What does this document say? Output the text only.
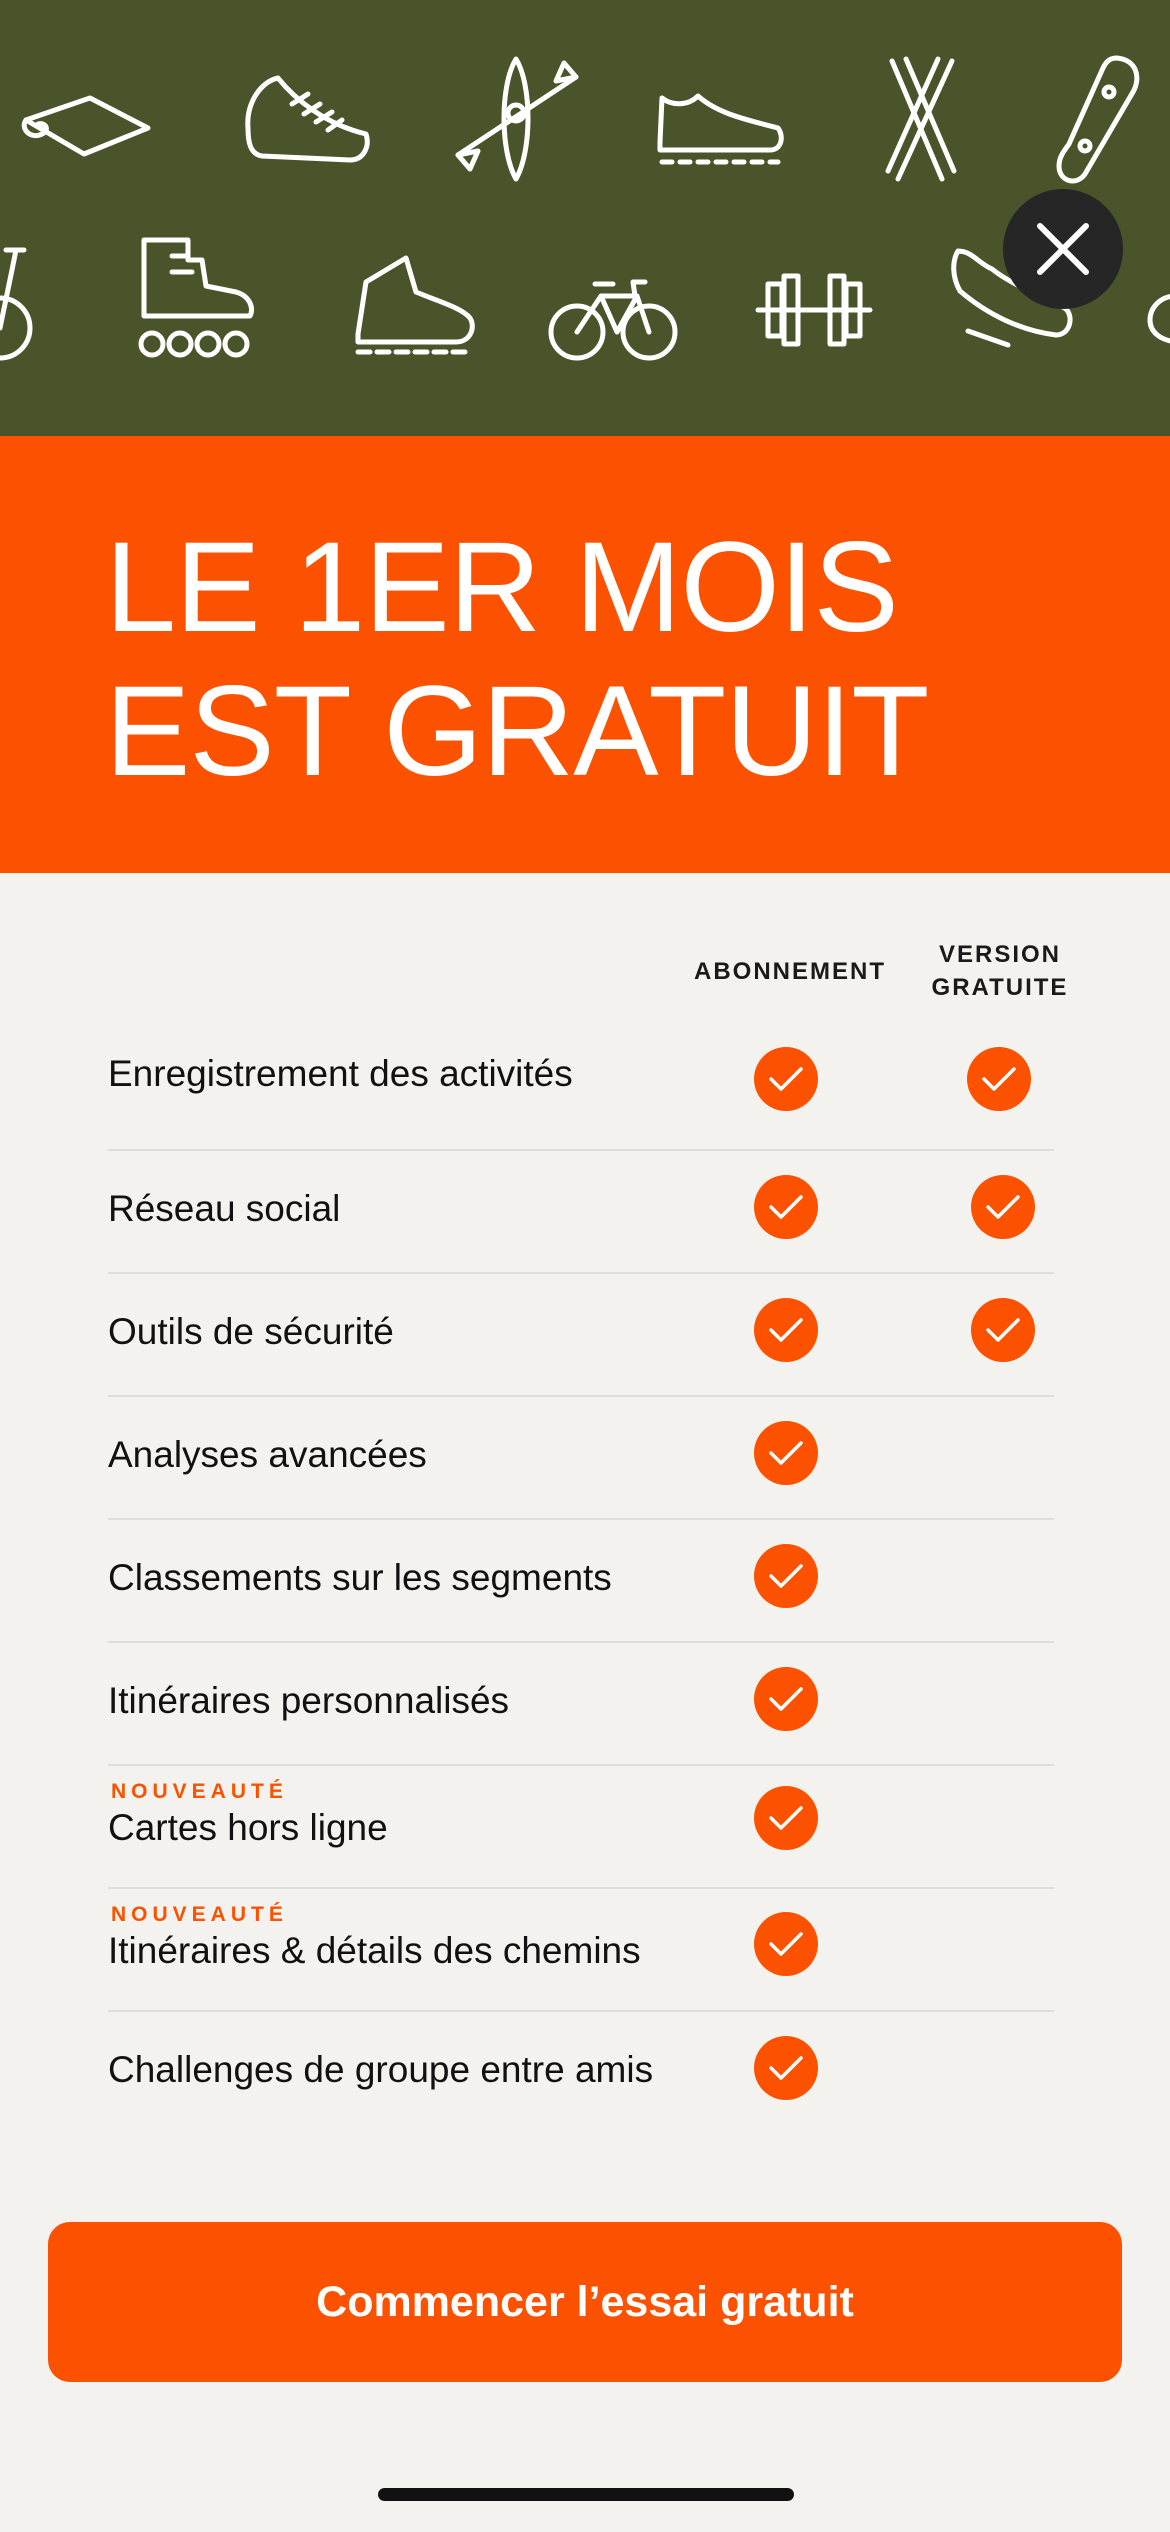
LE 1ER MOIS
EST GRATUIT
ABONNEMENT
VERSION
GRATUITE
Enregistrement des activités
Réseau social
Outils de sécurité
Analyses avancées
Classements sur les segments
Itinéraires personnalisés
NOUVEAUTÉ
Cartes hors ligne
NOUVEAUTÉ
Itinéraires & détails des chemins
Challenges de groupe entre amis
Commencer l’essai gratuit
